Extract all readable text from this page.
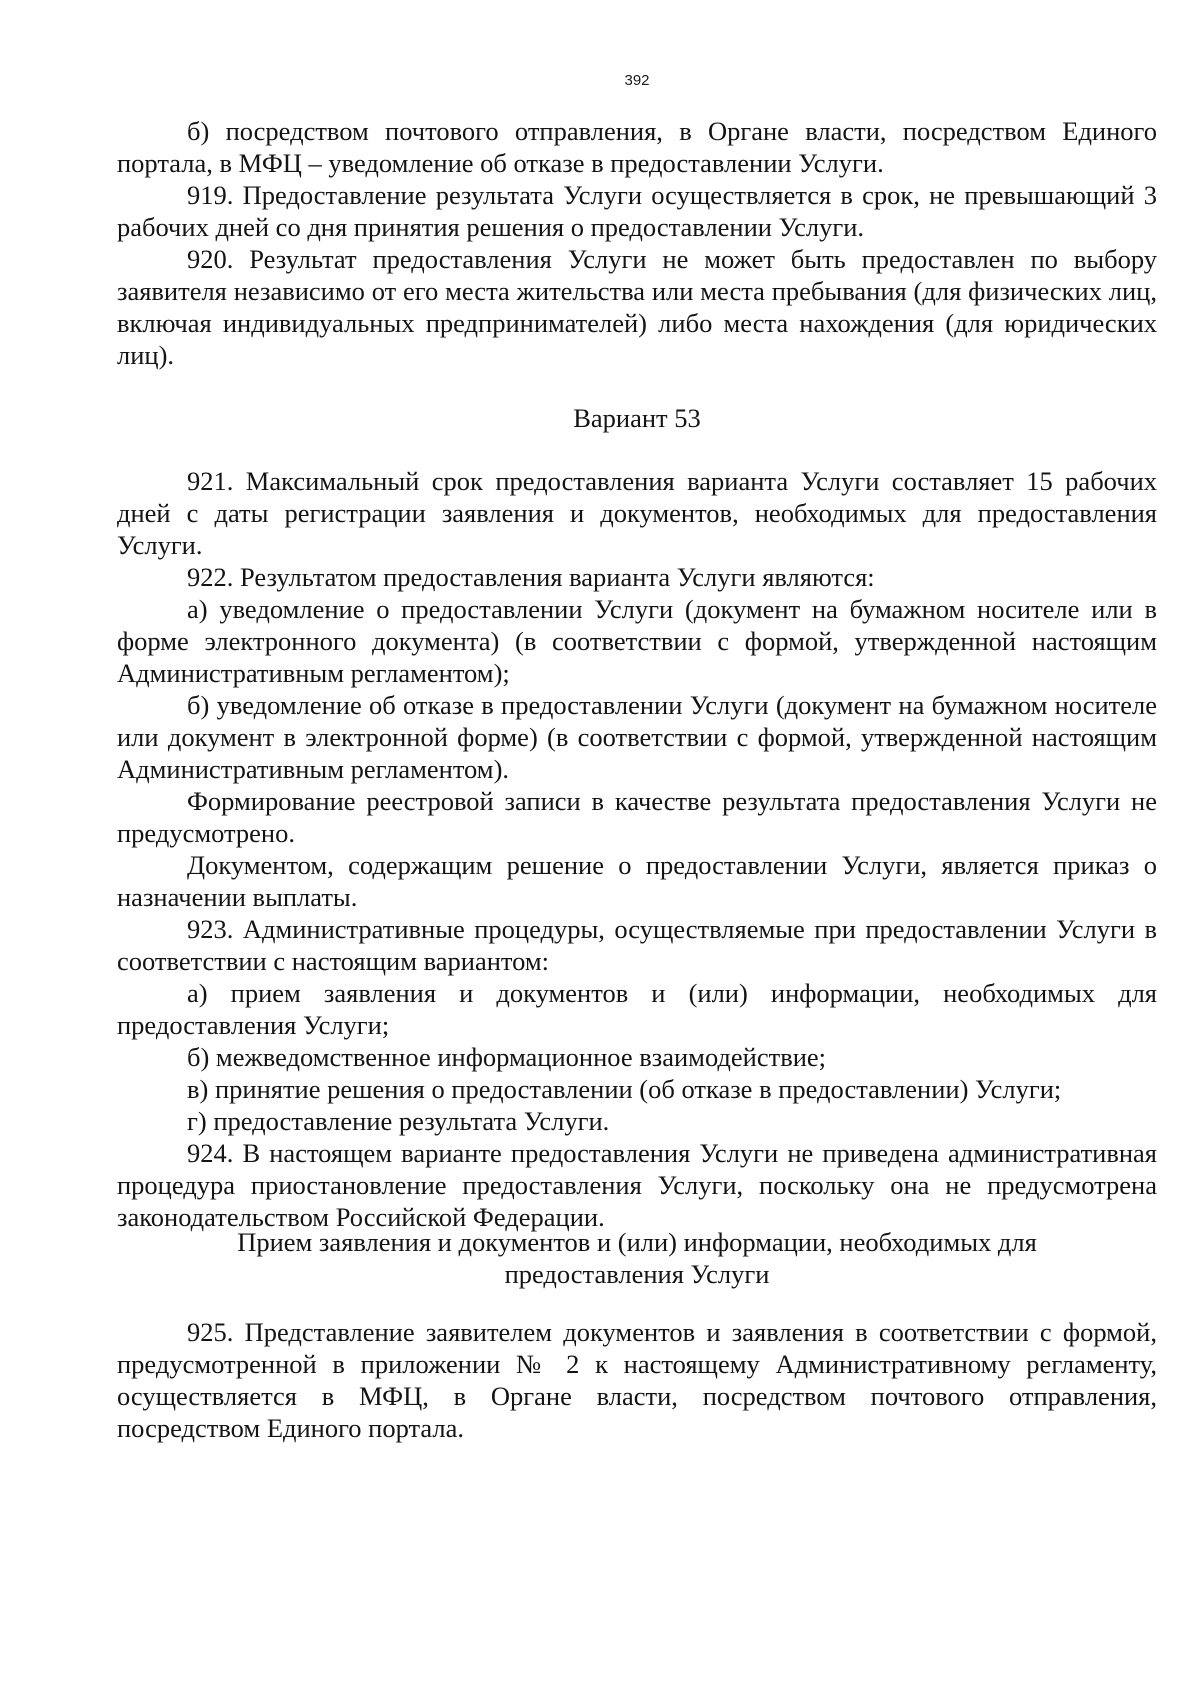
392

б) посредством почтового отправления, в Органе власти, посредством Единого портала, в МФЦ – уведомление об отказе в предоставлении Услуги.

919. Предоставление результата Услуги осуществляется в срок, не превышающий 3 рабочих дней со дня принятия решения о предоставлении Услуги.

920. Результат предоставления Услуги не может быть предоставлен по выбору заявителя независимо от его места жительства или места пребывания (для физических лиц, включая индивидуальных предпринимателей) либо места нахождения (для юридических лиц).

Вариант 53

921. Максимальный срок предоставления варианта Услуги составляет 15 рабочих дней с даты регистрации заявления и документов, необходимых для предоставления Услуги.

922. Результатом предоставления варианта Услуги являются:

а) уведомление о предоставлении Услуги (документ на бумажном носителе или в форме электронного документа) (в соответствии с формой, утвержденной настоящим Административным регламентом);

б) уведомление об отказе в предоставлении Услуги (документ на бумажном носителе или документ в электронной форме) (в соответствии с формой, утвержденной настоящим Административным регламентом).

Формирование реестровой записи в качестве результата предоставления Услуги не предусмотрено.

Документом, содержащим решение о предоставлении Услуги, является приказ о назначении выплаты.

923. Административные процедуры, осуществляемые при предоставлении Услуги в соответствии с настоящим вариантом:

а) прием заявления и документов и (или) информации, необходимых для предоставления Услуги;

б) межведомственное информационное взаимодействие;

в) принятие решения о предоставлении (об отказе в предоставлении) Услуги;

г) предоставление результата Услуги.

924. В настоящем варианте предоставления Услуги не приведена административная процедура приостановление предоставления Услуги, поскольку она не предусмотрена законодательством Российской Федерации.

Прием заявления и документов и (или) информации, необходимых для

предоставления Услуги

925. Представление заявителем документов и заявления в соответствии с формой, предусмотренной в приложении № 2 к настоящему Административному регламенту, осуществляется в МФЦ, в Органе власти, посредством почтового отправления, посредством Единого портала.
